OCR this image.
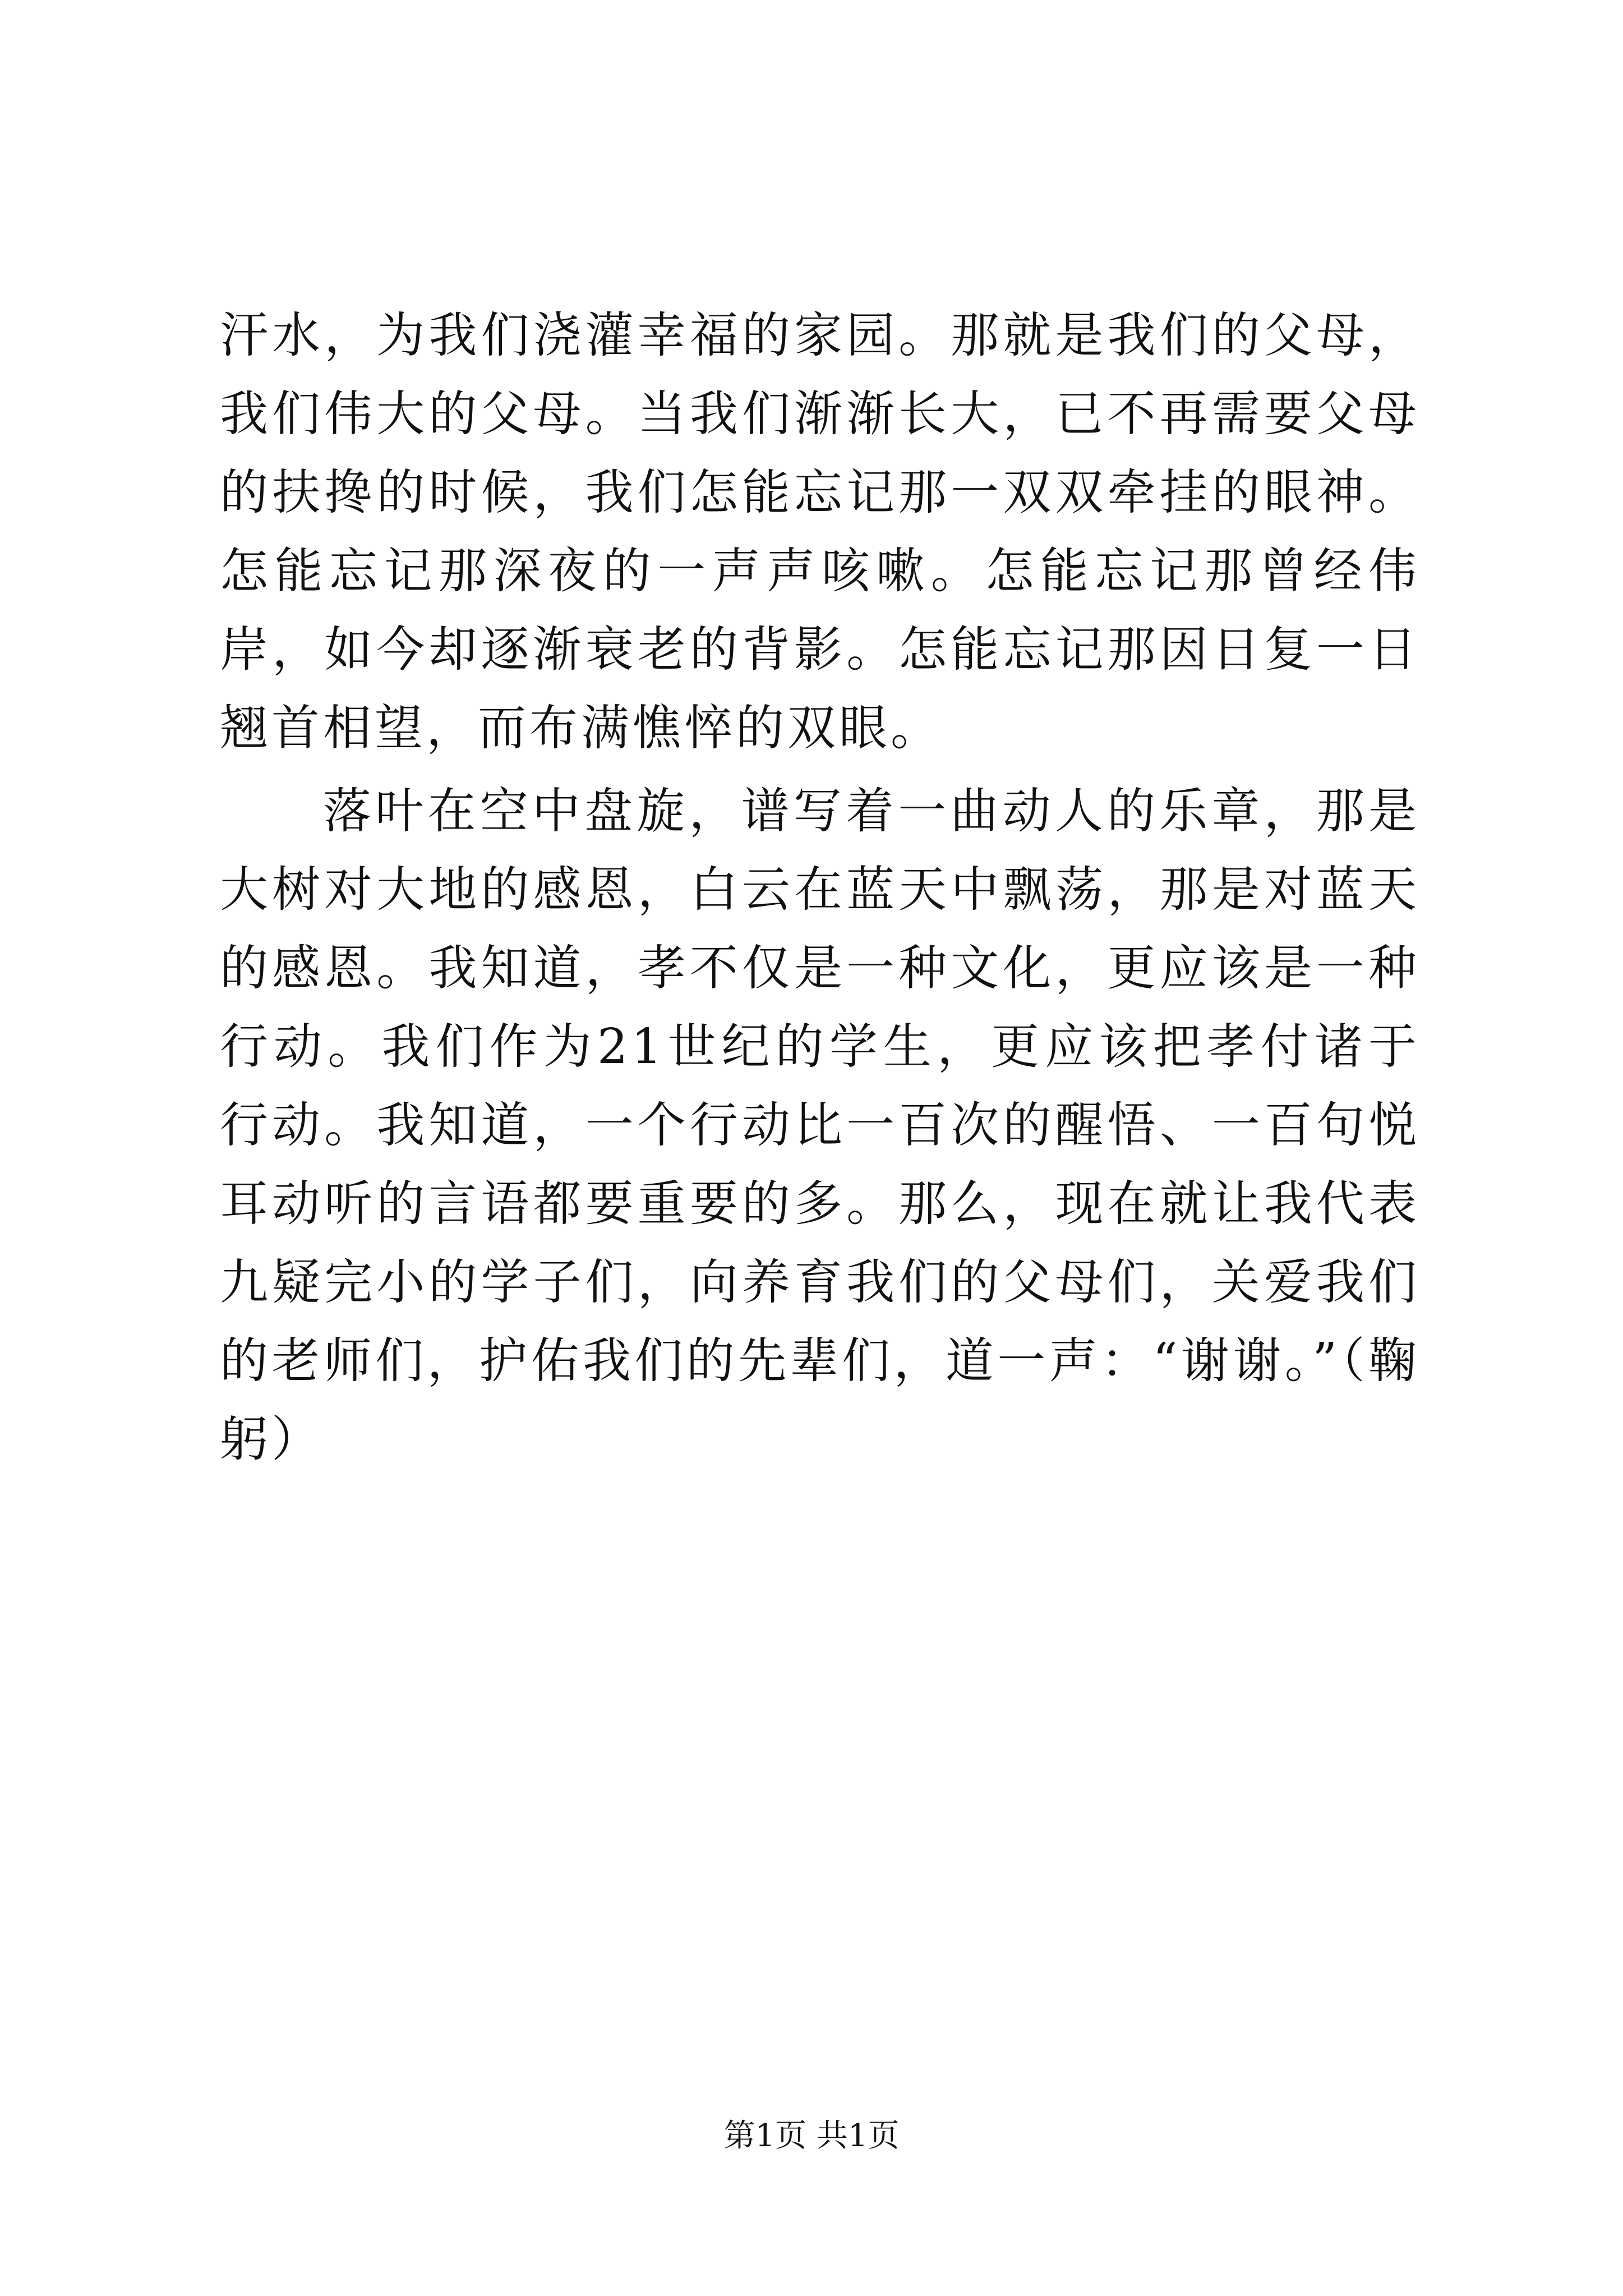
汗水，为我们浇灌幸福的家园。那就是我们的父母，我们伟大的父母。当我们渐渐长大，已不再需要父母的扶搀的时候，我们怎能忘记那一双双牵挂的眼神。怎能忘记那深夜的一声声咳嗽。怎能忘记那曾经伟岸，如今却逐渐衰老的背影。怎能忘记那因日复一日翘首相望，而布满憔悴的双眼。

落叶在空中盘旋，谱写着一曲动人的乐章，那是大树对大地的感恩，白云在蓝天中飘荡，那是对蓝天的感恩。我知道，孝不仅是一种文化，更应该是一种行动。我们作为21世纪的学生，更应该把孝付诸于行动。我知道，一个行动比一百次的醒悟、一百句悦耳动听的言语都要重要的多。那么，现在就让我代表九疑完小的学子们，向养育我们的父母们，关爱我们的老师们，护佑我们的先辈们，道一声：“谢谢。”（鞠躬）

第1页 共1页
